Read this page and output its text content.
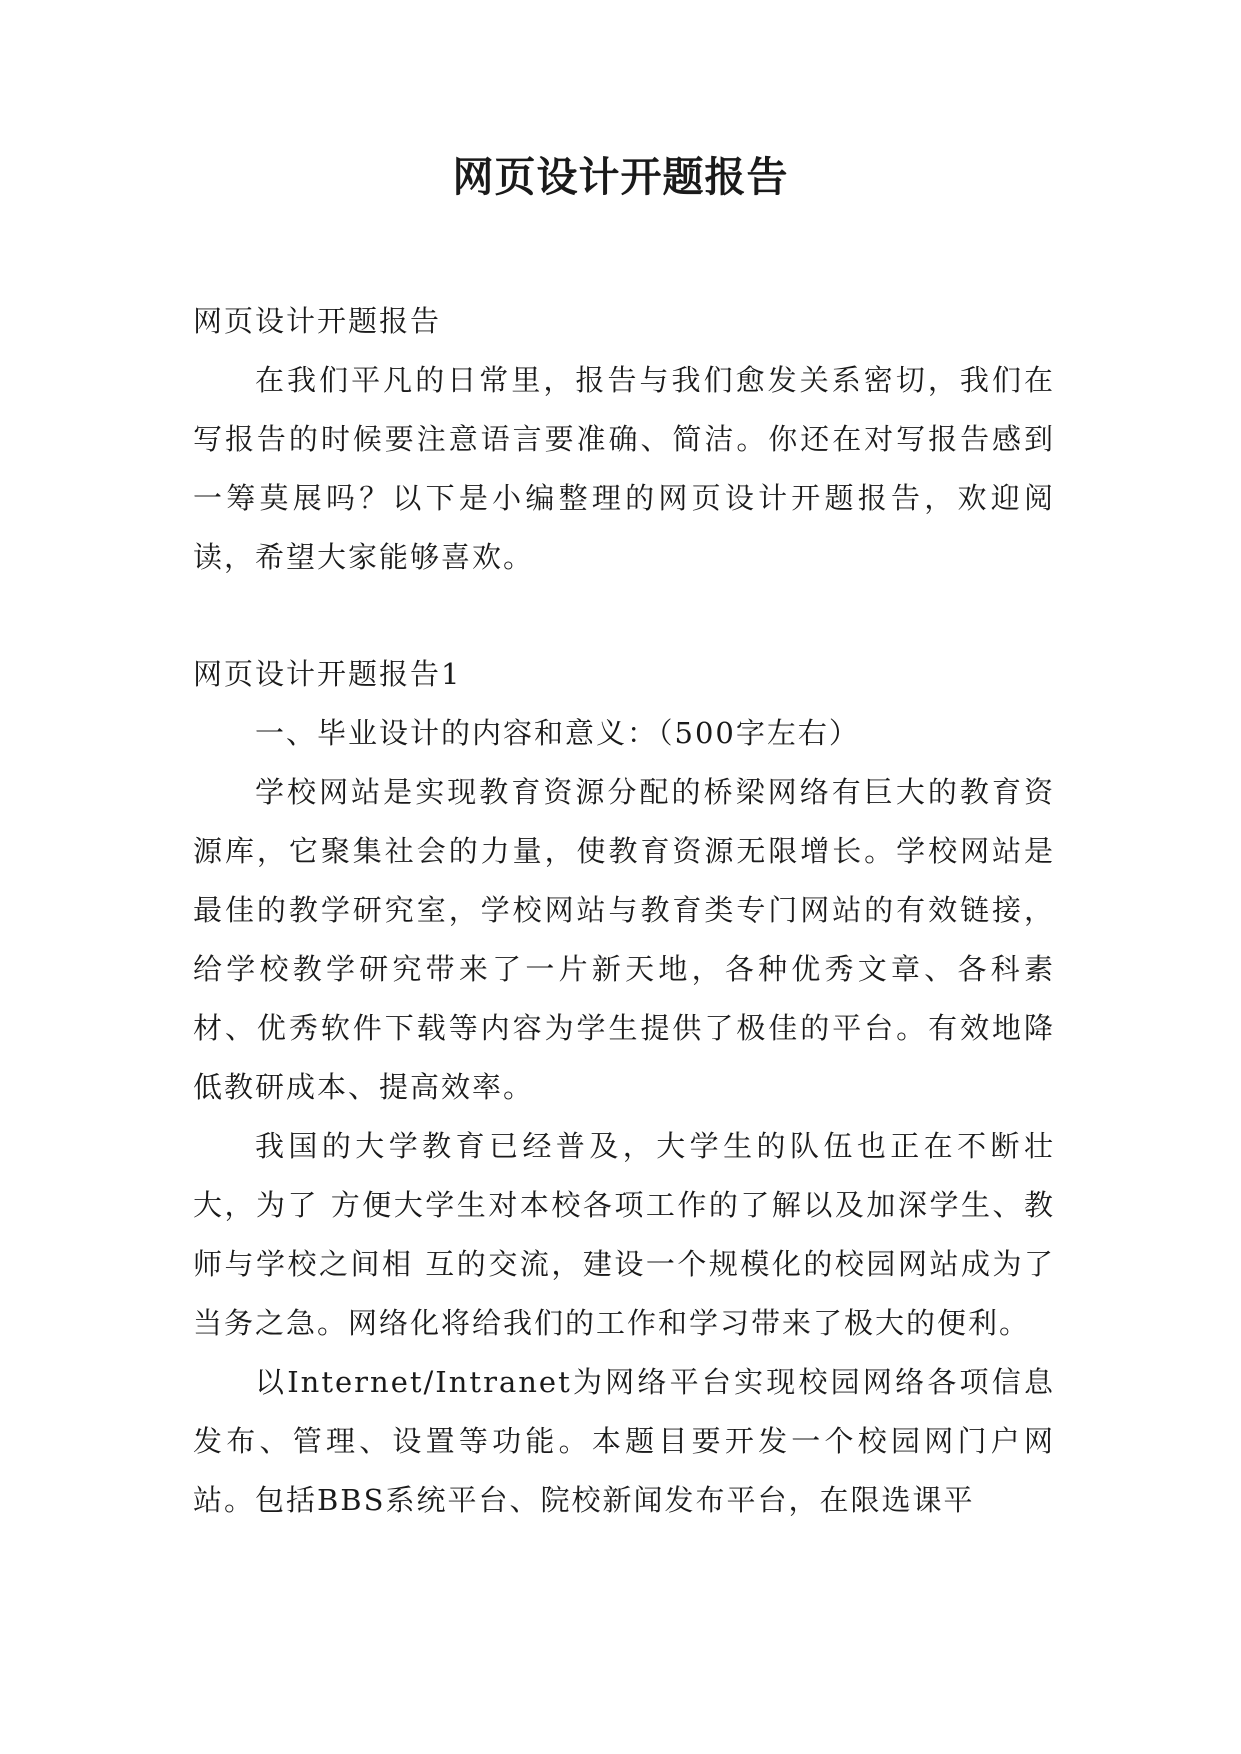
网页设计开题报告

网页设计开题报告

在我们平凡的日常里，报告与我们愈发关系密切，我们在写报告的时候要注意语言要准确、简洁。你还在对写报告感到一筹莫展吗？以下是小编整理的网页设计开题报告，欢迎阅读，希望大家能够喜欢。

网页设计开题报告1

一、毕业设计的内容和意义：（500字左右）

学校网站是实现教育资源分配的桥梁网络有巨大的教育资源库，它聚集社会的力量，使教育资源无限增长。学校网站是最佳的教学研究室，学校网站与教育类专门网站的有效链接，给学校教学研究带来了一片新天地，各种优秀文章、各科素材、优秀软件下载等内容为学生提供了极佳的平台。有效地降低教研成本、提高效率。

我国的大学教育已经普及，大学生的队伍也正在不断壮大，为了 方便大学生对本校各项工作的了解以及加深学生、教师与学校之间相 互的交流，建设一个规模化的校园网站成为了当务之急。网络化将给我们的工作和学习带来了极大的便利。

以Internet/Intranet为网络平台实现校园网络各项信息发布、管理、设置等功能。本题目要开发一个校园网门户网站。包括BBS系统平台、院校新闻发布平台，在限选课平
